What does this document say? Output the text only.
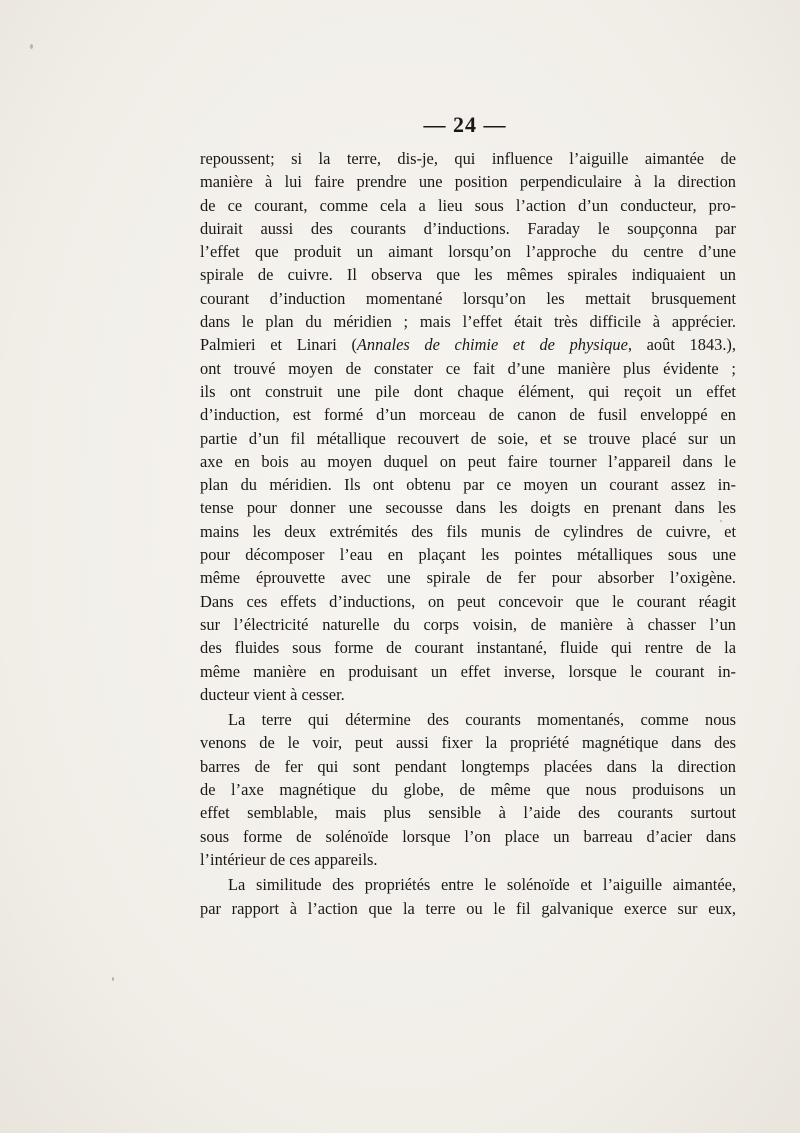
— 24 —
repoussent; si la terre, dis-je, qui influence l’aiguille aimantée de
manière à lui faire prendre une position perpendiculaire à la direction
de ce courant, comme cela a lieu sous l’action d’un conducteur, pro-
duirait aussi des courants d’inductions. Faraday le soupçonna par
l’effet que produit un aimant lorsqu’on l’approche du centre d’une
spirale de cuivre. Il observa que les mêmes spirales indiquaient un
courant d’induction momentané lorsqu’on les mettait brusquement
dans le plan du méridien ; mais l’effet était très difficile à apprécier.
Palmieri et Linari (Annales de chimie et de physique, août 1843.),
ont trouvé moyen de constater ce fait d’une manière plus évidente ;
ils ont construit une pile dont chaque élément, qui reçoit un effet
d’induction, est formé d’un morceau de canon de fusil enveloppé en
partie d’un fil métallique recouvert de soie, et se trouve placé sur un
axe en bois au moyen duquel on peut faire tourner l’appareil dans le
plan du méridien. Ils ont obtenu par ce moyen un courant assez in-
tense pour donner une secousse dans les doigts en prenant dans les
mains les deux extrémités des fils munis de cylindres de cuivre, et
pour décomposer l’eau en plaçant les pointes métalliques sous une
même éprouvette avec une spirale de fer pour absorber l’oxigène.
Dans ces effets d’inductions, on peut concevoir que le courant réagit
sur l’électricité naturelle du corps voisin, de manière à chasser l’un
des fluides sous forme de courant instantané, fluide qui rentre de la
même manière en produisant un effet inverse, lorsque le courant in-
ducteur vient à cesser.
La terre qui détermine des courants momentanés, comme nous
venons de le voir, peut aussi fixer la propriété magnétique dans des
barres de fer qui sont pendant longtemps placées dans la direction
de l’axe magnétique du globe, de même que nous produisons un
effet semblable, mais plus sensible à l’aide des courants surtout
sous forme de solénoïde lorsque l’on place un barreau d’acier dans
l’intérieur de ces appareils.
La similitude des propriétés entre le solénoïde et l’aiguille aimantée,
par rapport à l’action que la terre ou le fil galvanique exerce sur eux,
